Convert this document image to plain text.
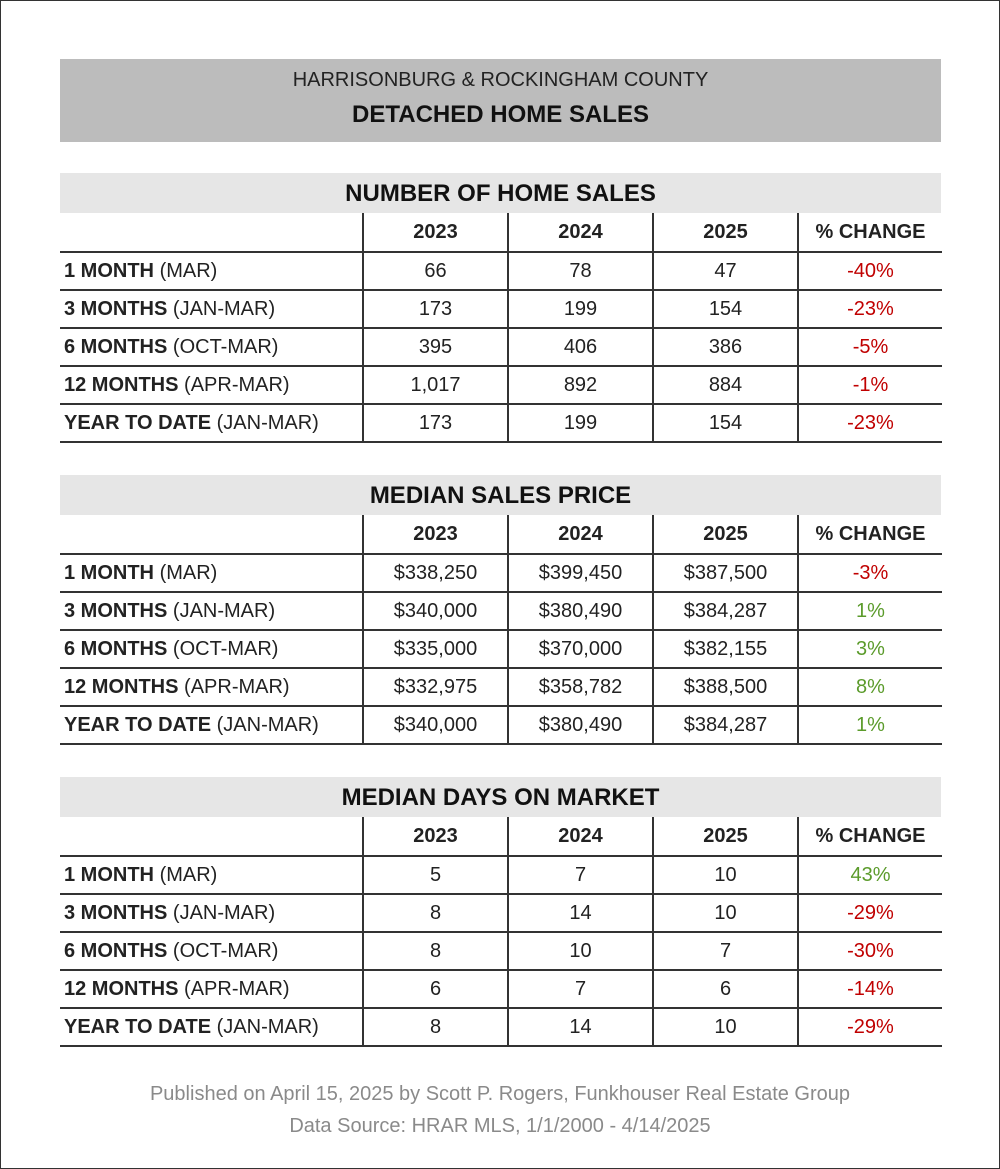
HARRISONBURG & ROCKINGHAM COUNTY
DETACHED HOME SALES
NUMBER OF HOME SALES
	2023	2024	2025	% CHANGE
1 MONTH (MAR)	66	78	47	-40%
3 MONTHS (JAN-MAR)	173	199	154	-23%
6 MONTHS (OCT-MAR)	395	406	386	-5%
12 MONTHS (APR-MAR)	1,017	892	884	-1%
YEAR TO DATE (JAN-MAR)	173	199	154	-23%
MEDIAN SALES PRICE
	2023	2024	2025	% CHANGE
1 MONTH (MAR)	$338,250	$399,450	$387,500	-3%
3 MONTHS (JAN-MAR)	$340,000	$380,490	$384,287	1%
6 MONTHS (OCT-MAR)	$335,000	$370,000	$382,155	3%
12 MONTHS (APR-MAR)	$332,975	$358,782	$388,500	8%
YEAR TO DATE (JAN-MAR)	$340,000	$380,490	$384,287	1%
MEDIAN DAYS ON MARKET
	2023	2024	2025	% CHANGE
1 MONTH (MAR)	5	7	10	43%
3 MONTHS (JAN-MAR)	8	14	10	-29%
6 MONTHS (OCT-MAR)	8	10	7	-30%
12 MONTHS (APR-MAR)	6	7	6	-14%
YEAR TO DATE (JAN-MAR)	8	14	10	-29%
Published on April 15, 2025 by Scott P. Rogers, Funkhouser Real Estate Group
Data Source: HRAR MLS, 1/1/2000 - 4/14/2025
